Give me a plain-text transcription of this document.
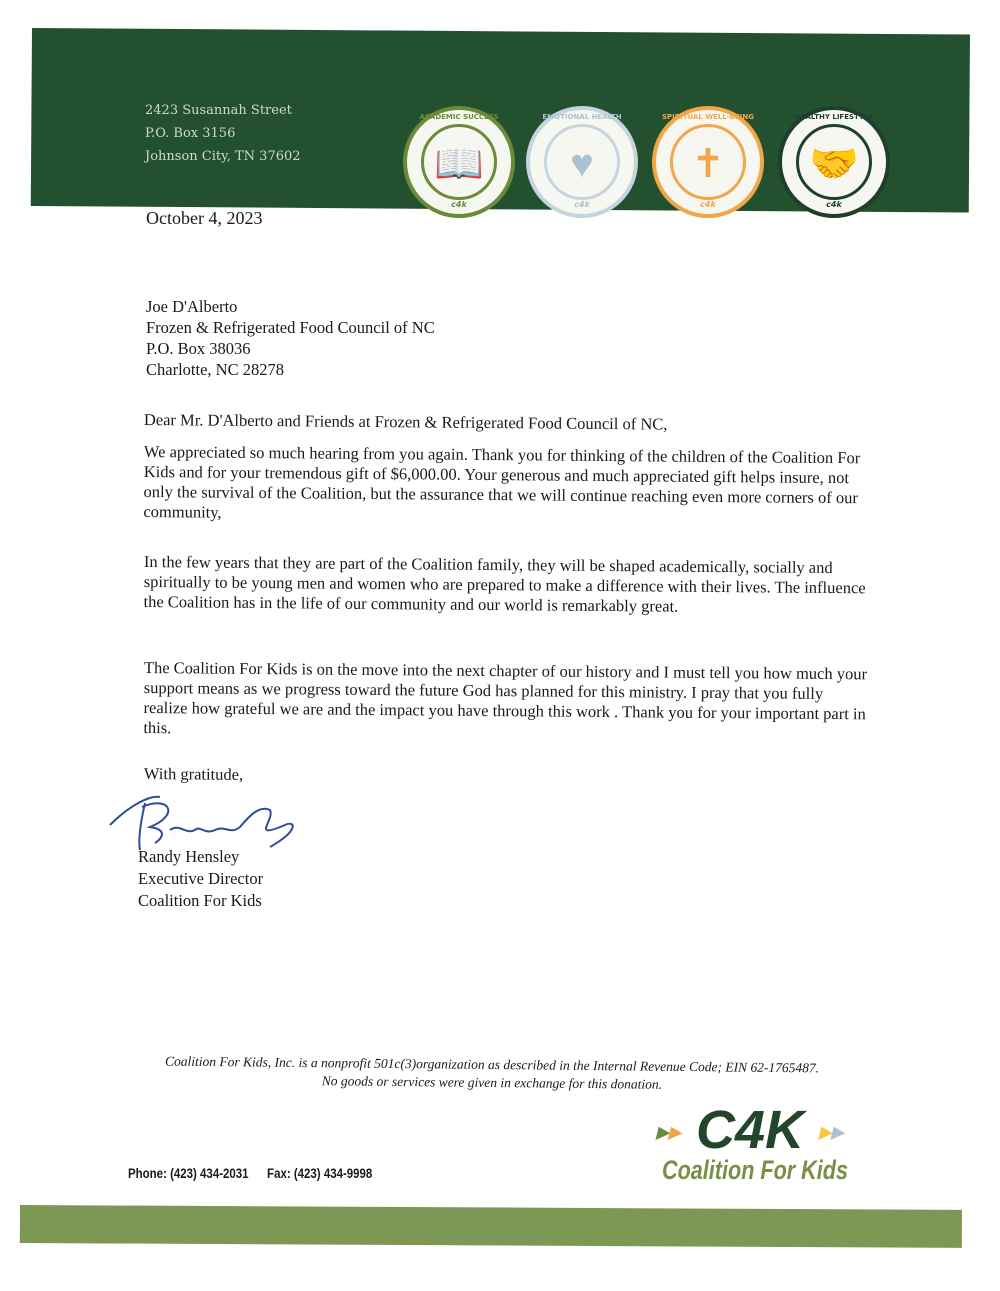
2423 Susannah Street
P.O. Box 3156
Johnson City, TN 37602
ACADEMIC SUCCESS
📖
c4k
EMOTIONAL HEALTH
♥
c4k
SPIRITUAL WELL-BEING
✝
c4k
HEALTHY LIFESTYLE
🤝
c4k
October 4, 2023
Joe D'Alberto
Frozen & Refrigerated Food Council of NC
P.O. Box 38036
Charlotte, NC 28278
Dear Mr. D'Alberto and Friends at Frozen & Refrigerated Food Council of NC,
We appreciated so much hearing from you again. Thank you for thinking of the children of the Coalition For Kids and for your tremendous gift of $6,000.00. Your generous and much appreciated gift helps insure, not only the survival of the Coalition, but the assurance that we will continue reaching even more corners of our community,
In the few years that they are part of the Coalition family, they will be shaped academically, socially and spiritually to be young men and women who are prepared to make a difference with their lives. The influence the Coalition has in the life of our community and our world is remarkably great.
The Coalition For Kids is on the move into the next chapter of our history and I must tell you how much your support means as we progress toward the future God has planned for this ministry. I pray that you fully realize how grateful we are and the impact you have through this work . Thank you for your important part in this.
With gratitude,
Randy Hensley
Executive Director
Coalition For Kids
Coalition For Kids, Inc. is a nonprofit 501c(3)organization as described in the Internal Revenue Code; EIN 62-1765487.
No goods or services were given in exchange for this donation.
Phone: (423) 434-2031 Fax: (423) 434-9998
▶▶ C4K ▶▶
Coalition For Kids
